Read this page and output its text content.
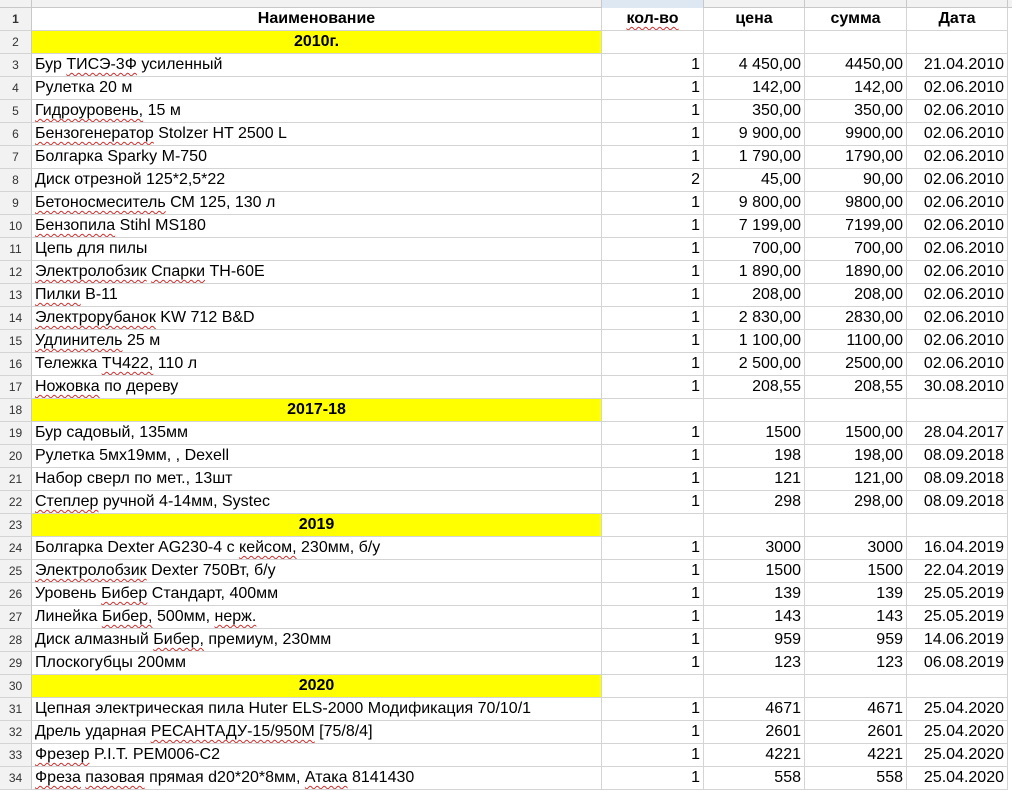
1	Наименование	кол-во	цена	сумма	Дата
2	2010г.
3	Бур ТИСЭ-3Ф усиленный	1	4 450,00	4450,00	21.04.2010
4	Рулетка 20 м	1	142,00	142,00	02.06.2010
5	Гидроуровень, 15 м	1	350,00	350,00	02.06.2010
6	Бензогенератор Stolzer HT 2500 L	1	9 900,00	9900,00	02.06.2010
7	Болгарка Sparky M-750	1	1 790,00	1790,00	02.06.2010
8	Диск отрезной 125*2,5*22	2	45,00	90,00	02.06.2010
9	Бетоносмеситель СМ 125, 130 л	1	9 800,00	9800,00	02.06.2010
10 Бензопила Stihl MS180	1	7 199,00	7199,00	02.06.2010
11 Цепь для пилы	1	700,00	700,00	02.06.2010
12 Электролобзик Спарки ТН-60Е	1	1 890,00	1890,00	02.06.2010
13 Пилки В-11	1	208,00	208,00	02.06.2010
14 Электрорубанок KW 712 B&D	1	2 830,00	2830,00	02.06.2010
15 Удлинитель 25 м	1	1 100,00	1100,00	02.06.2010
16 Тележка ТЧ422, 110 л	1	2 500,00	2500,00	02.06.2010
17 Ножовка по дереву	1	208,55	208,55	30.08.2010
18	2017-18
19 Бур садовый, 135мм	1	1500	1500,00	28.04.2017
20 Рулетка 5мх19мм, , Dexell	1	198	198,00	08.09.2018
21 Набор сверл по мет., 13шт	1	121	121,00	08.09.2018
22 Степлер ручной 4-14мм, Systec	1	298	298,00	08.09.2018
23	2019
24 Болгарка Dexter AG230-4 с кейсом, 230мм, б/у	1	3000	3000	16.04.2019
25 Электролобзик Dexter 750Вт, б/у	1	1500	1500	22.04.2019
26 Уровень Бибер Стандарт, 400мм	1	139	139	25.05.2019
27 Линейка Бибер, 500мм, нерж.	1	143	143	25.05.2019
28 Диск алмазный Бибер, премиум, 230мм	1	959	959	14.06.2019
29 Плоскогубцы 200мм	1	123	123	06.08.2019
30	2020
31 Цепная электрическая пила Huter ELS-2000 Модификация 70/10/1	1	4671	4671	25.04.2020
32 Дрель ударная РЕСАНТАДУ-15/950М [75/8/4]	1	2601	2601	25.04.2020
33 Фрезер P.I.T. PEM006-C2	1	4221	4221	25.04.2020
34 Фреза пазовая прямая d20*20*8мм, Атака 8141430	1	558	558	25.04.2020
